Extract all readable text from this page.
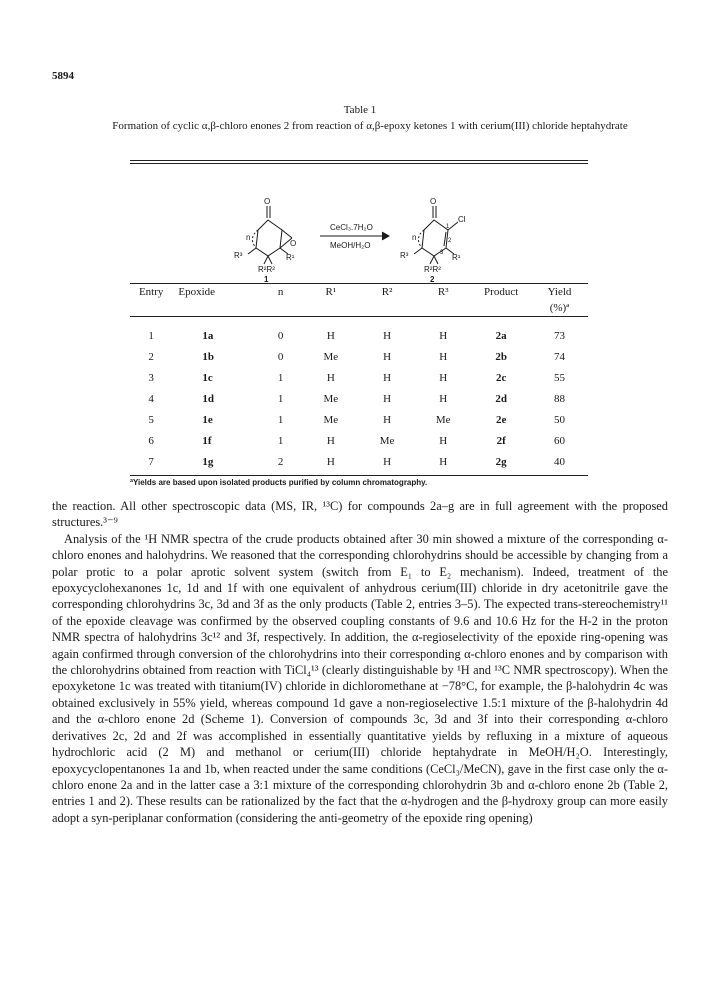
5894
Table 1
Formation of cyclic α,β-chloro enones 2 from reaction of α,β-epoxy ketones 1 with cerium(III) chloride heptahydrate
O
O
n
R¹
R³
R²R²
O
Cl
n
R¹
R³
R²R²
1
2
3
CeCl₃.7H₂O
MeOH/H₂O
1	2
Entry	Epoxide	n	R¹	R²	R³	Product	Yield
							(%)ª

1	1a	0	H	H	H	2a	73
2	1b	0	Me	H	H	2b	74
3	1c	1	H	H	H	2c	55
4	1d	1	Me	H	H	2d	88
5	1e	1	Me	H	Me	2e	50
6	1f	1	H	Me	H	2f	60
7	1g	2	H	H	H	2g	40
ªYields are based upon isolated products purified by column chromatography.

the reaction. All other spectroscopic data (MS, IR, ¹³C) for compounds 2a–g are in full agreement with the proposed structures.³⁻⁹

Analysis of the ¹H NMR spectra of the crude products obtained after 30 min showed a mixture of the corresponding α-chloro enones and halohydrins. We reasoned that the corresponding chlorohydrins should be accessible by changing from a polar protic to a polar aprotic solvent system (switch from E₁ to E₂ mechanism). Indeed, treatment of the epoxycyclohexanones 1c, 1d and 1f with one equivalent of anhydrous cerium(III) chloride in dry acetonitrile gave the corresponding chlorohydrins 3c, 3d and 3f as the only products (Table 2, entries 3–5). The expected trans-stereochemistry¹¹ of the epoxide cleavage was confirmed by the observed coupling constants of 9.6 and 10.6 Hz for the H-2 in the proton NMR spectra of halohydrins 3c¹² and 3f, respectively. In addition, the α-regioselectivity of the epoxide ring-opening was again confirmed through conversion of the chlorohydrins into their corresponding α-chloro enones and by comparison with the chlorohydrins obtained from reaction with TiCl₄¹³ (clearly distinguishable by ¹H and ¹³C NMR spectroscopy). When the epoxyketone 1c was treated with titanium(IV) chloride in dichloromethane at −78°C, for example, the β-halohydrin 4c was obtained exclusively in 55% yield, whereas compound 1d gave a non-regioselective 1.5:1 mixture of the β-halohydrin 4d and the α-chloro enone 2d (Scheme 1). Conversion of compounds 3c, 3d and 3f into their corresponding α-chloro derivatives 2c, 2d and 2f was accomplished in essentially quantitative yields by refluxing in a mixture of aqueous hydrochloric acid (2 M) and methanol or cerium(III) chloride heptahydrate in MeOH/H₂O. Interestingly, epoxycyclopentanones 1a and 1b, when reacted under the same conditions (CeCl₃/MeCN), gave in the first case only the α-chloro enone 2a and in the latter case a 3:1 mixture of the corresponding chlorohydrin 3b and α-chloro enone 2b (Table 2, entries 1 and 2). These results can be rationalized by the fact that the α-hydrogen and the β-hydroxy group can more easily adopt a syn-periplanar conformation (considering the anti-geometry of the epoxide ring opening)
